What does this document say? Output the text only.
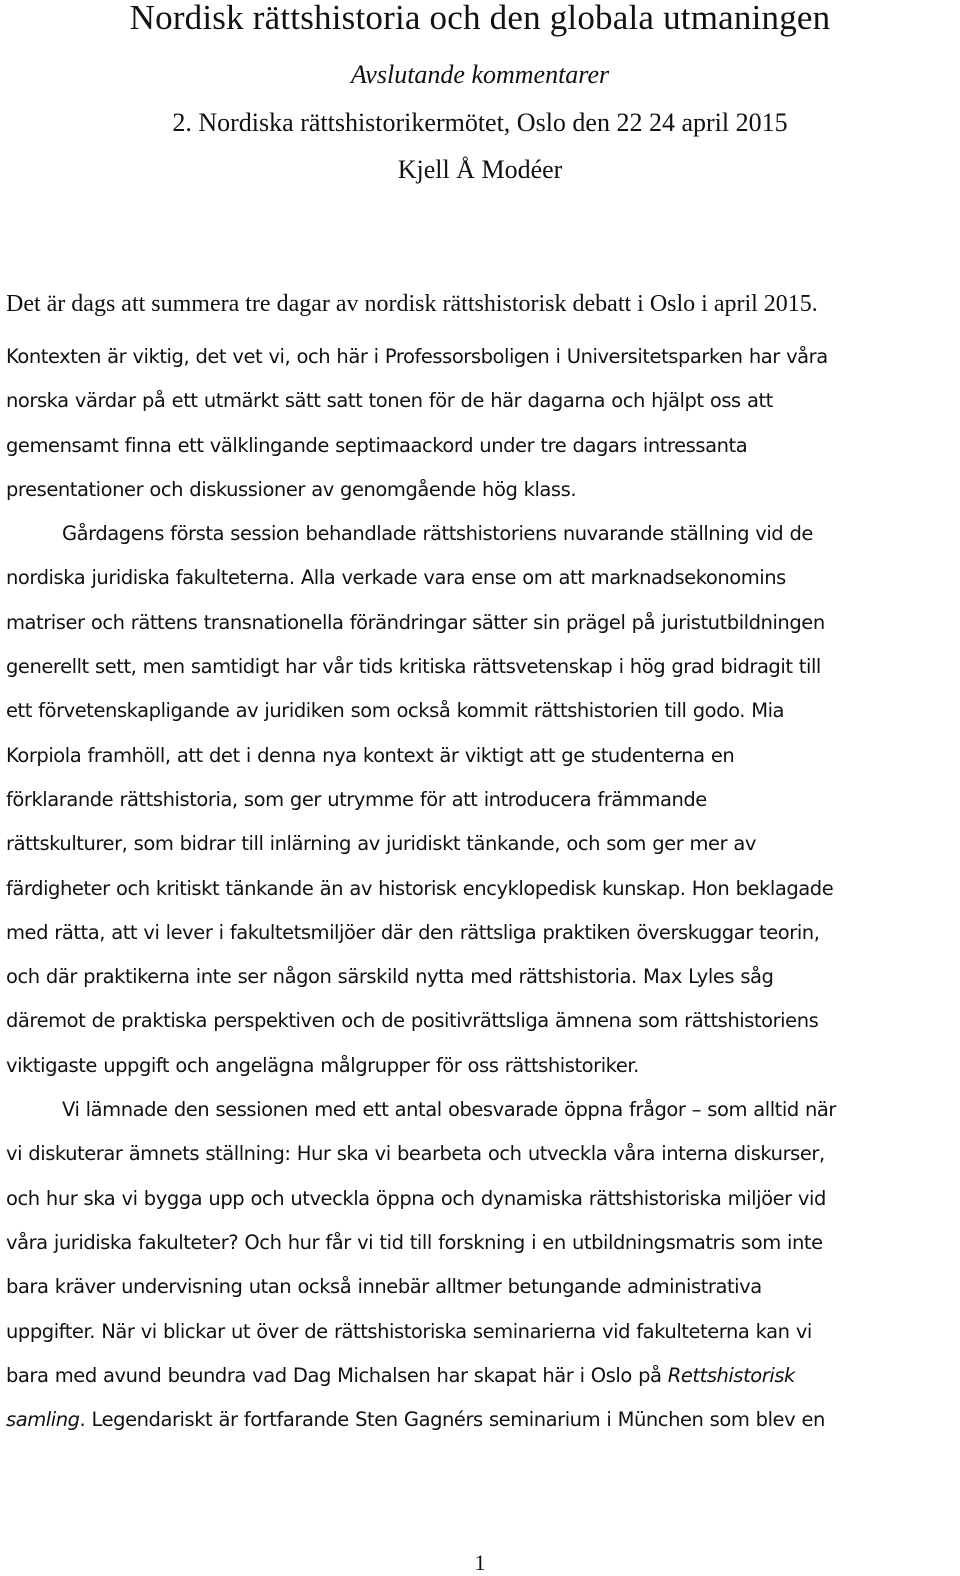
Nordisk rättshistoria och den globala utmaningen

Avslutande kommentarer

2. Nordiska rättshistorikermötet, Oslo den 22 24 april 2015

Kjell Å Modéer

Det är dags att summera tre dagar av nordisk rättshistorisk debatt i Oslo i april 2015.

Kontexten är viktig, det vet vi, och här i Professorsboligen i Universitetsparken har våra
norska värdar på ett utmärkt sätt satt tonen för de här dagarna och hjälpt oss att
gemensamt finna ett välklingande septimaackord under tre dagars intressanta
presentationer och diskussioner av genomgående hög klass.
Gårdagens första session behandlade rättshistoriens nuvarande ställning vid de
nordiska juridiska fakulteterna. Alla verkade vara ense om att marknadsekonomins
matriser och rättens transnationella förändringar sätter sin prägel på juristutbildningen
generellt sett, men samtidigt har vår tids kritiska rättsvetenskap i hög grad bidragit till
ett förvetenskapligande av juridiken som också kommit rättshistorien till godo. Mia
Korpiola framhöll, att det i denna nya kontext är viktigt att ge studenterna en
förklarande rättshistoria, som ger utrymme för att introducera främmande
rättskulturer, som bidrar till inlärning av juridiskt tänkande, och som ger mer av
färdigheter och kritiskt tänkande än av historisk encyklopedisk kunskap. Hon beklagade
med rätta, att vi lever i fakultetsmiljöer där den rättsliga praktiken överskuggar teorin,
och där praktikerna inte ser någon särskild nytta med rättshistoria. Max Lyles såg
däremot de praktiska perspektiven och de positivrättsliga ämnena som rättshistoriens
viktigaste uppgift och angelägna målgrupper för oss rättshistoriker.
Vi lämnade den sessionen med ett antal obesvarade öppna frågor – som alltid när
vi diskuterar ämnets ställning: Hur ska vi bearbeta och utveckla våra interna diskurser,
och hur ska vi bygga upp och utveckla öppna och dynamiska rättshistoriska miljöer vid
våra juridiska fakulteter? Och hur får vi tid till forskning i en utbildningsmatris som inte
bara kräver undervisning utan också innebär alltmer betungande administrativa
uppgifter. När vi blickar ut över de rättshistoriska seminarierna vid fakulteterna kan vi
bara med avund beundra vad Dag Michalsen har skapat här i Oslo på Rettshistorisk
samling. Legendariskt är fortfarande Sten Gagnérs seminarium i München som blev en

1
